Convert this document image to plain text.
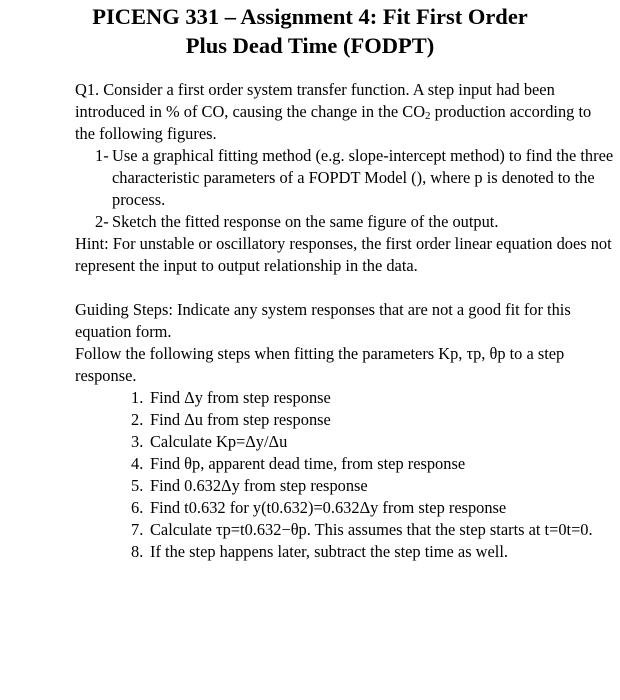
PICENG 331 – Assignment 4: Fit First Order
Plus Dead Time (FODPT)

Q1. Consider a first order system transfer function. A step input had been introduced in % of CO, causing the change in the $CO_2$ production according to the following figures.

1- Use a graphical fitting method (e.g. slope-intercept method) to find the three characteristic parameters of a FOPDT Model (), where p is denoted to the process.
2- Sketch the fitted response on the same figure of the output.

Hint: For unstable or oscillatory responses, the first order linear equation does not represent the input to output relationship in the data.

Guiding Steps: Indicate any system responses that are not a good fit for this equation form.

Follow the following steps when fitting the parameters Kp, τp, θp to a step response.

1. Find Δy from step response
2. Find Δu from step response
3. Calculate Kp=Δy/Δu
4. Find θp, apparent dead time, from step response
5. Find 0.632Δy from step response
6. Find t0.632 for y(t0.632)=0.632Δy from step response
7. Calculate τp=t0.632−θp. This assumes that the step starts at t=0t=0.
8. If the step happens later, subtract the step time as well.
